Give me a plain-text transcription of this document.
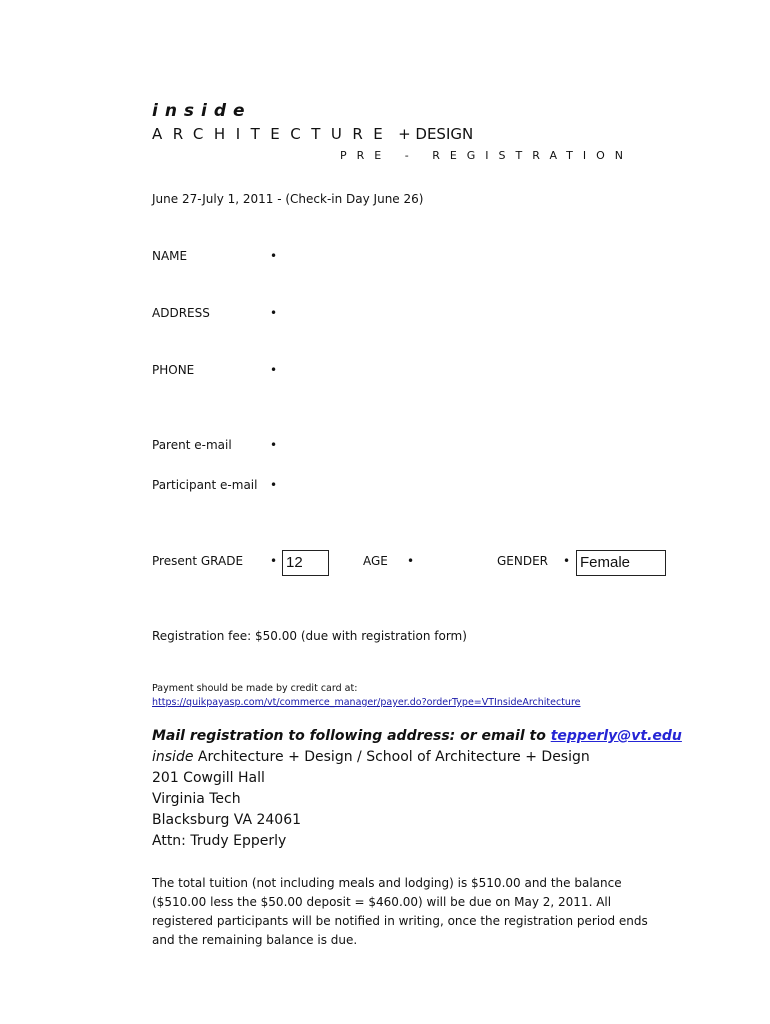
inside
ARCHITECTURE + DESIGN
PRE - REGISTRATION
June 27-July 1, 2011 - (Check-in Day June 26)
NAME	•
ADDRESS	•
PHONE	•
Parent e-mail	•
Participant e-mail •
Present GRADE • 12	AGE •	GENDER • Female
Registration fee: $50.00 (due with registration form)
Payment should be made by credit card at:
https://quikpayasp.com/vt/commerce_manager/payer.do?orderType=VTInsideArchitecture
Mail registration to following address: or email to tepperly@vt.edu
inside Architecture + Design / School of Architecture + Design
201 Cowgill Hall
Virginia Tech
Blacksburg VA 24061
Attn: Trudy Epperly
The total tuition (not including meals and lodging) is $510.00 and the balance ($510.00 less the $50.00 deposit = $460.00) will be due on May 2, 2011. All registered participants will be notified in writing, once the registration period ends and the remaining balance is due.
